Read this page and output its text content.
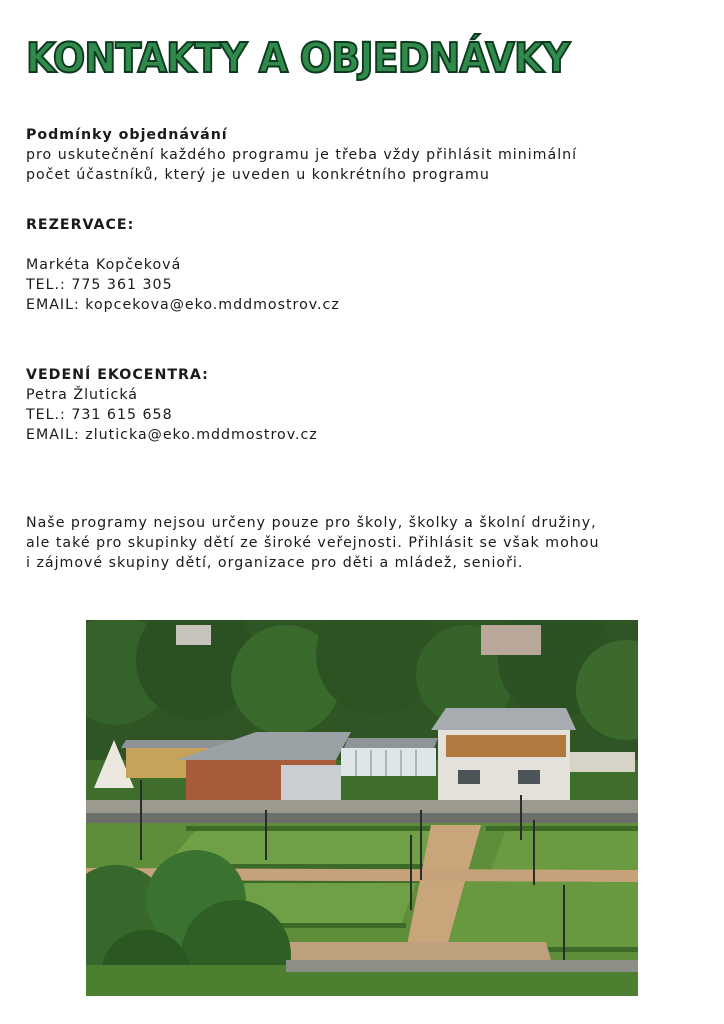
KONTAKTY A OBJEDNÁVKY

Podmínky objednávání

pro uskutečnění každého programu je třeba vždy přihlásit minimální

počet účastníků, který je uveden u konkrétního programu

REZERVACE:

Markéta Kopčeková

TEL.: 775 361 305

EMAIL: kopcekova@eko.mddmostrov.cz

VEDENÍ EKOCENTRA:

Petra Žlutická

TEL.: 731 615 658

EMAIL: zluticka@eko.mddmostrov.cz

Naše programy nejsou určeny pouze pro školy, školky a školní družiny,

ale také pro skupinky dětí ze široké veřejnosti. Přihlásit se však mohou

i zájmové skupiny dětí, organizace pro děti a mládež, senioři.
